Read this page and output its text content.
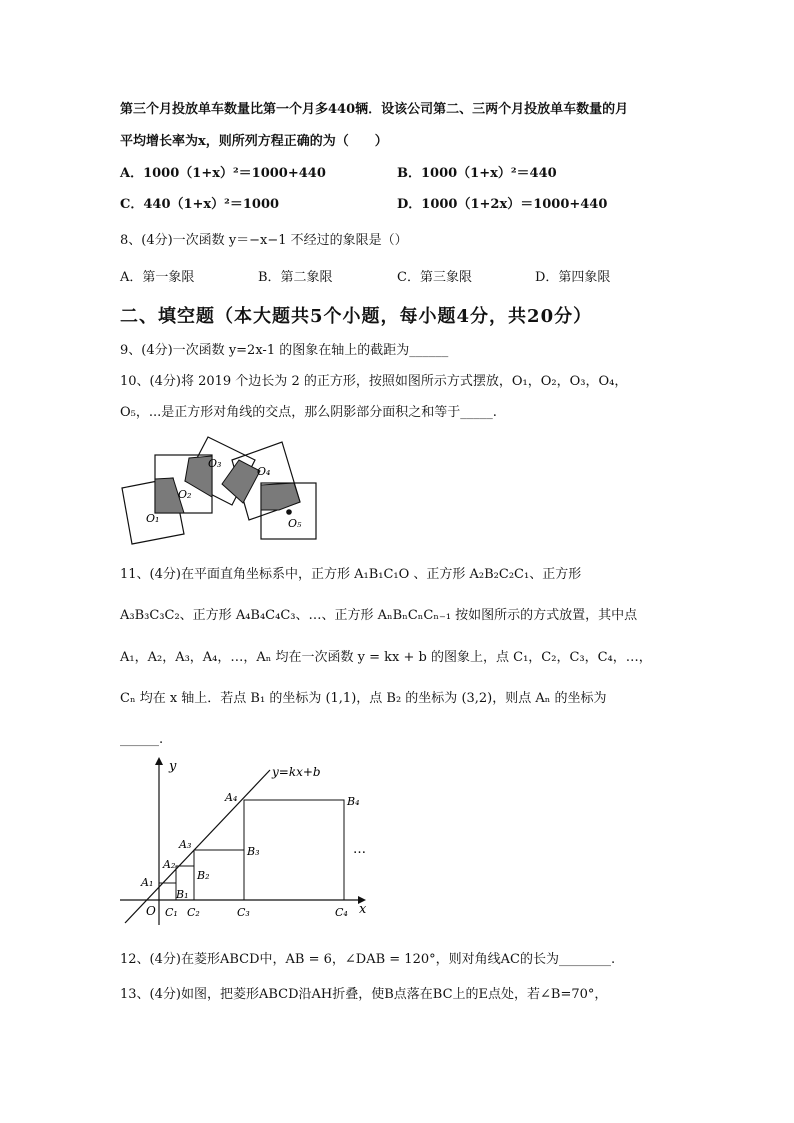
第三个月投放单车数量比第一个月多440辆．设该公司第二、三两个月投放单车数量的月
平均增长率为x，则所列方程正确的为（　　）
A．1000（1+x）²＝1000+440	B．1000（1+x）²＝440
C．440（1+x）²＝1000	D．1000（1+2x）＝1000+440
8、(4分)一次函数 y＝−x−1 不经过的象限是（）
A．第一象限	B．第二象限	C．第三象限	D．第四象限
二、填空题（本大题共5个小题，每小题4分，共20分）
9、(4分)一次函数 y=2x-1 的图象在轴上的截距为______
10、(4分)将 2019 个边长为 2 的正方形，按照如图所示方式摆放，O₁，O₂，O₃，O₄，
O₅，...是正方形对角线的交点，那么阴影部分面积之和等于_____.
O₁
O₂
O₃
O₄
O₅
11、(4分)在平面直角坐标系中，正方形 A₁B₁C₁O 、正方形 A₂B₂C₂C₁、正方形
A₃B₃C₃C₂、正方形 A₄B₄C₄C₃、…、正方形 AₙBₙCₙCₙ₋₁ 按如图所示的方式放置，其中点
A₁，A₂，A₃，A₄，…，Aₙ 均在一次函数 y = kx + b 的图象上，点 C₁，C₂，C₃，C₄，…，
Cₙ 均在 x 轴上．若点 B₁ 的坐标为 (1,1)，点 B₂ 的坐标为 (3,2)，则点 Aₙ 的坐标为
______.
y
x
y=kx+b
O
A₁
A₂
A₃
A₄
B₁
B₂
B₃
B₄
C₁ C₂	C₃	C₄
…
12、(4分)在菱形ABCD中，AB = 6，∠DAB = 120°，则对角线AC的长为________.
13、(4分)如图，把菱形ABCD沿AH折叠，使B点落在BC上的E点处，若∠B=70°，
